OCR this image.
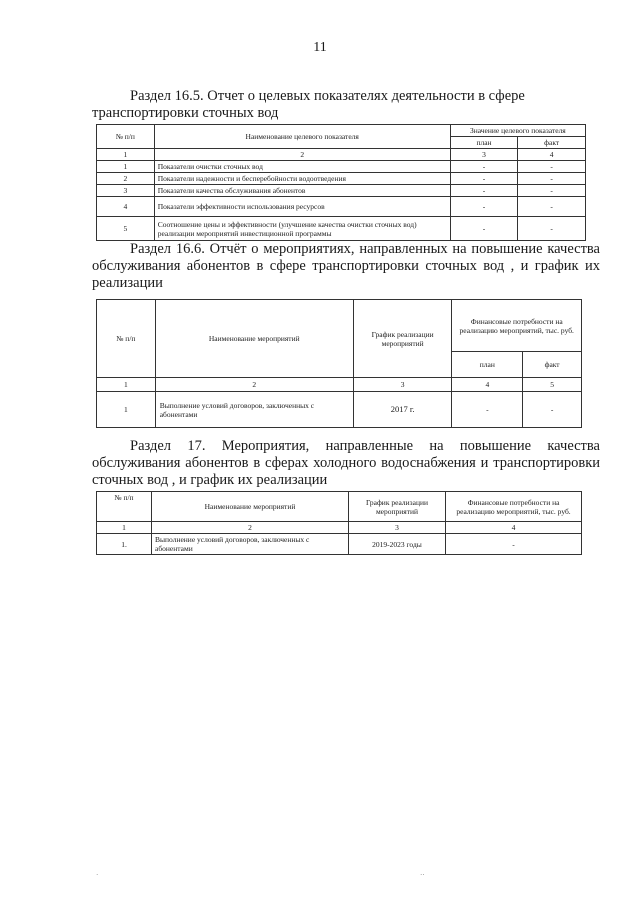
11

Раздел 16.5. Отчет о целевых показателях деятельности в сфере

транспортировки сточных вод

№ п/п	Наименование целевого показателя	Значение целевого показателя	
		план	факт
1	2	3	4
1	Показатели очистки сточных вод	-	-
2	Показатели надежности и бесперебойности водоотведения	-	-
3	Показатели качества обслуживания абонентов	-	-
4	Показатели эффективности использования ресурсов	-	-
5	Соотношение цены и эффективности (улучшение качества очистки сточных вод) реализации мероприятий инвестиционной программы	-	-

Раздел 16.6. Отчёт о мероприятиях, направленных на повышение качества обслуживания абонентов в сфере транспортировки сточных вод , и график их реализации

№ п/п	Наименование мероприятий	График реализации мероприятий	Финансовые потребности на реализацию мероприятий, тыс. руб.	
			план	факт
1	2	3	4	5
1	Выполнение условий договоров, заключенных с абонентами	2017 г.	-	-

Раздел 17. Мероприятия, направленные на повышение качества обслуживания абонентов в сферах холодного водоснабжения и транспортировки сточных вод , и график их реализации

№ п/п	Наименование мероприятий	График реализации мероприятий	Финансовые потребности на реализацию мероприятий, тыс. руб.
1	2	3	4
1.	Выполнение условий договоров, заключенных с абонентами	2019-2023 годы	-
·	··
